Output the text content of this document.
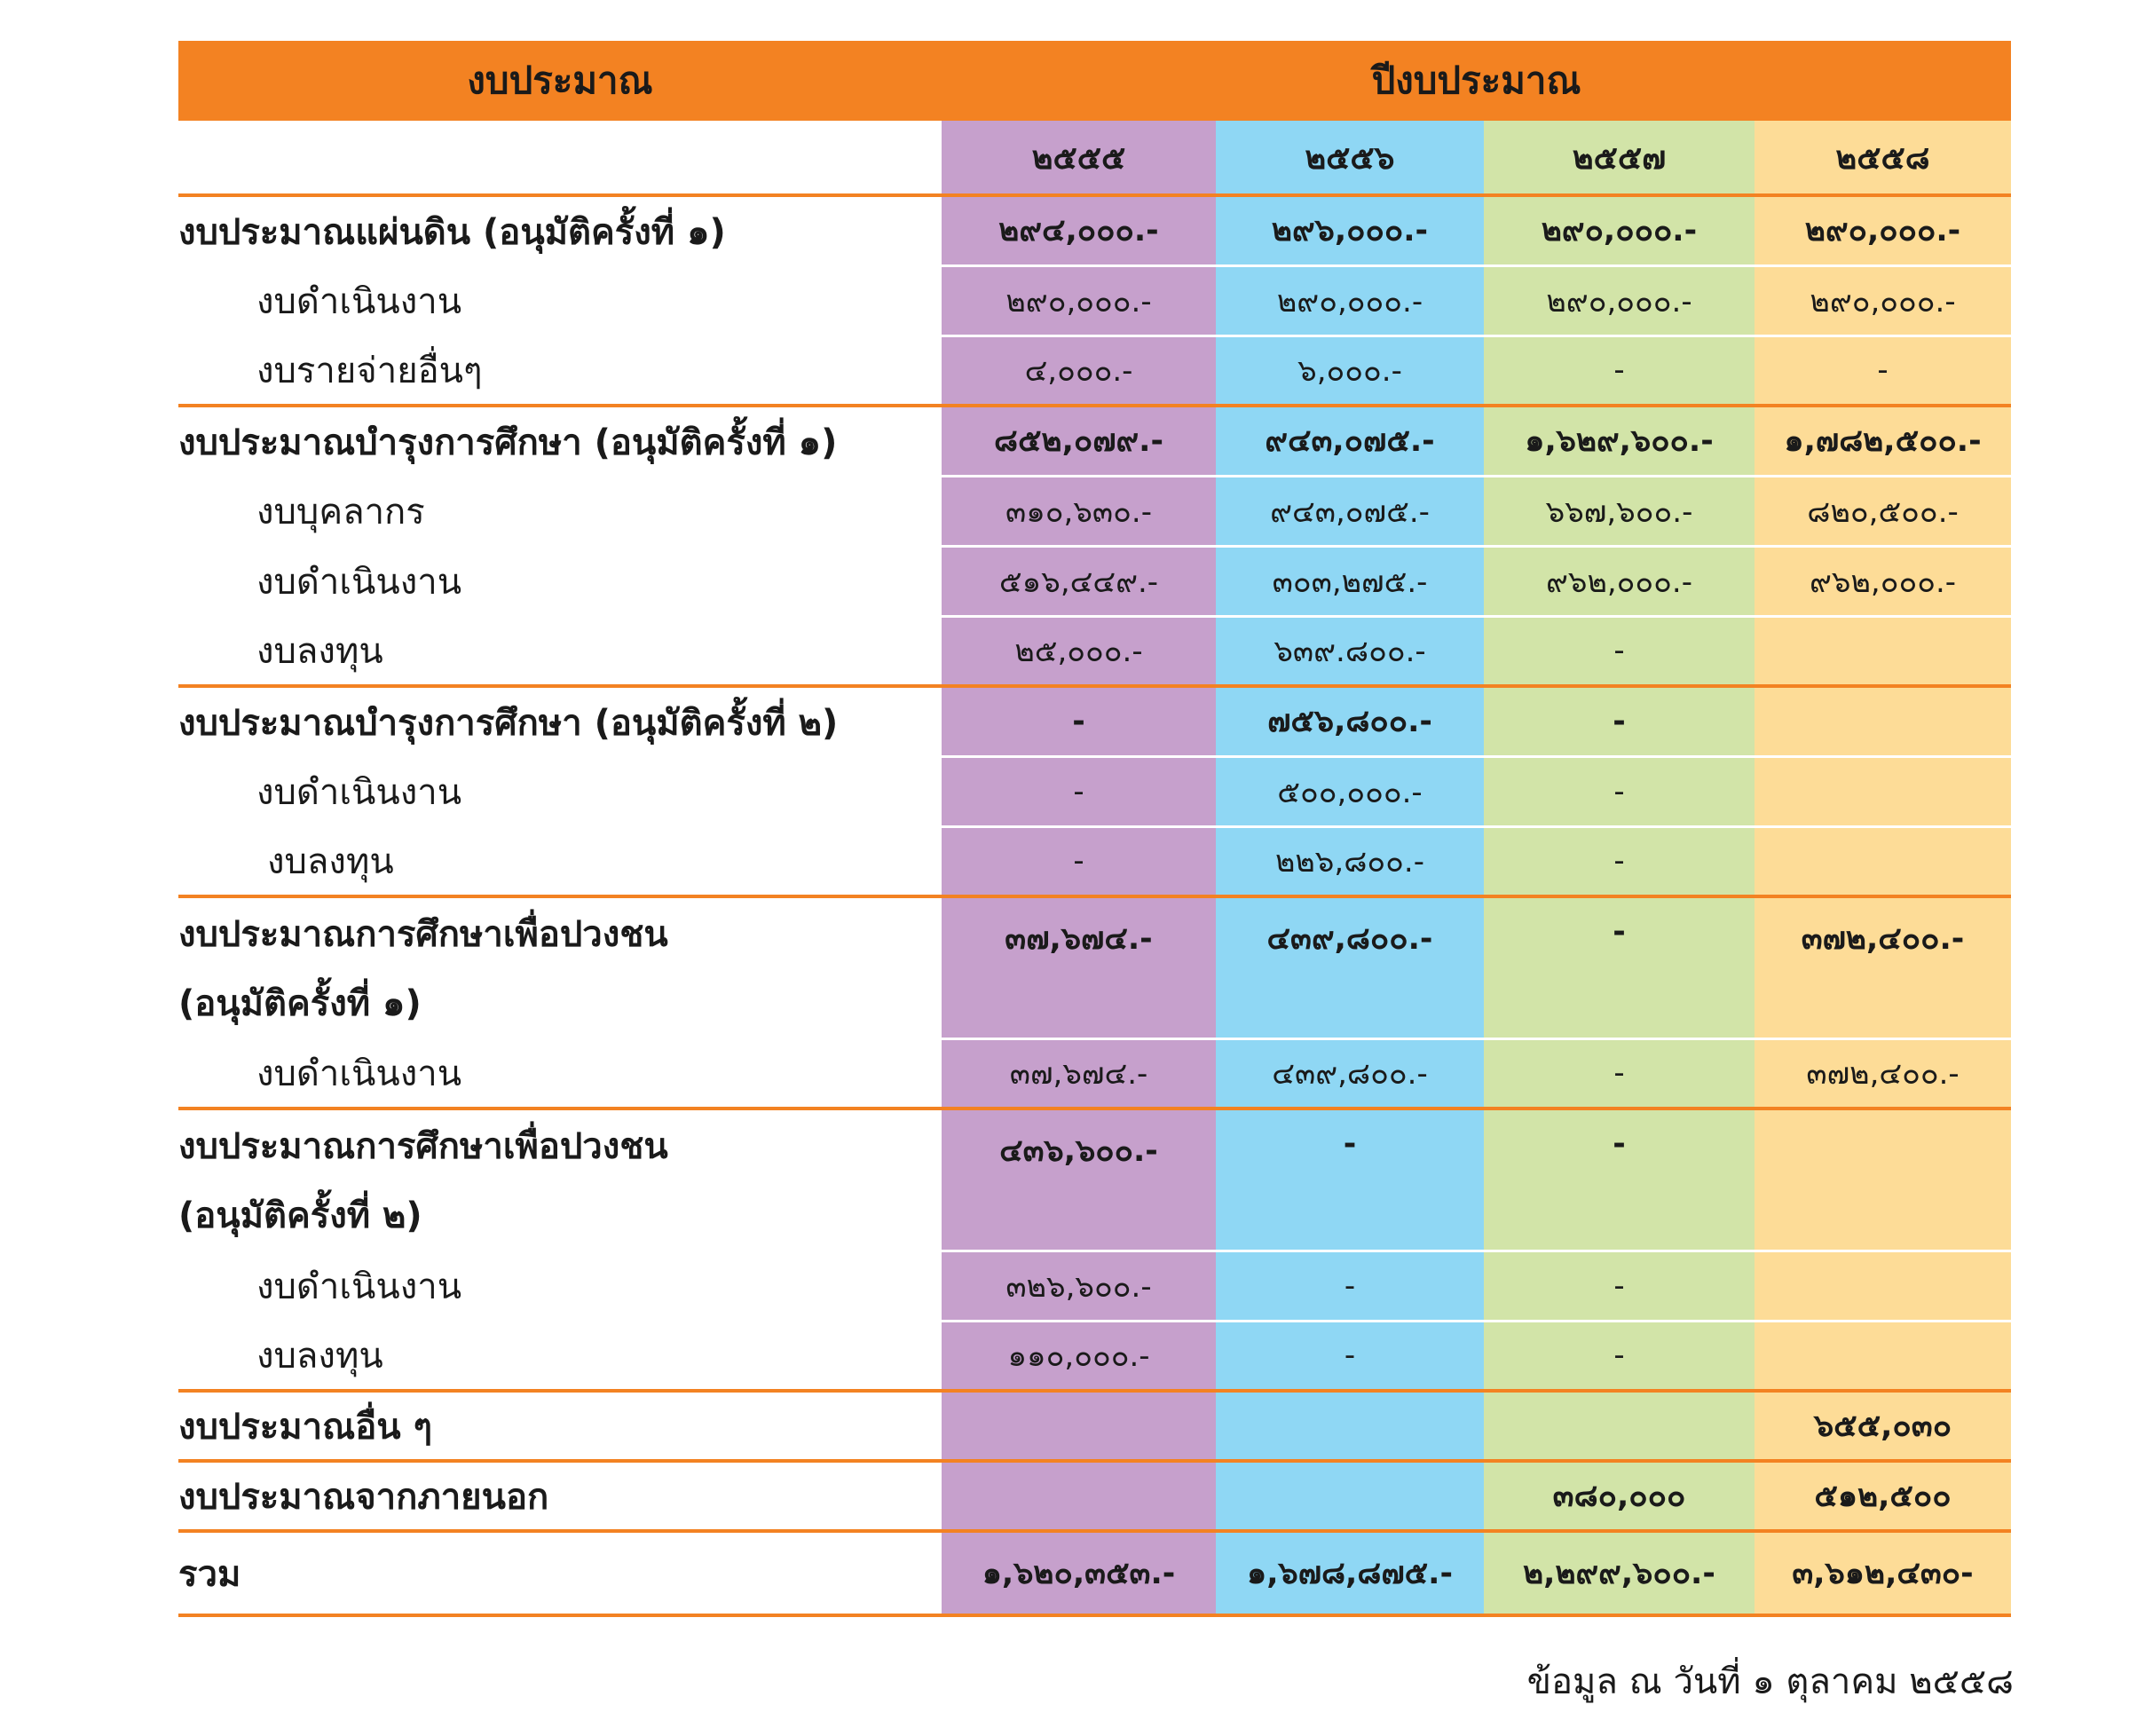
งบประมาณ	ปีงบประมาณ			
	๒๕๕๕	๒๕๕๖	๒๕๕๗	๒๕๕๘
งบประมาณแผ่นดิน (อนุมัติครั้งที่ ๑)	๒๙๔,๐๐๐.-	๒๙๖,๐๐๐.-	๒๙๐,๐๐๐.-	๒๙๐,๐๐๐.-
งบดำเนินงาน	๒๙๐,๐๐๐.-	๒๙๐,๐๐๐.-	๒๙๐,๐๐๐.-	๒๙๐,๐๐๐.-
งบรายจ่ายอื่นๆ	๔,๐๐๐.-	๖,๐๐๐.-	-	-
งบประมาณบำรุงการศึกษา (อนุมัติครั้งที่ ๑)	๘๕๒,๐๗๙.-	๙๔๓,๐๗๕.-	๑,๖๒๙,๖๐๐.-	๑,๗๘๒,๕๐๐.-
งบบุคลากร	๓๑๐,๖๓๐.-	๙๔๓,๐๗๕.-	๖๖๗,๖๐๐.-	๘๒๐,๕๐๐.-
งบดำเนินงาน	๕๑๖,๔๔๙.-	๓๐๓,๒๗๕.-	๙๖๒,๐๐๐.-	๙๖๒,๐๐๐.-
งบลงทุน	๒๕,๐๐๐.-	๖๓๙.๘๐๐.-	-	
งบประมาณบำรุงการศึกษา (อนุมัติครั้งที่ ๒)	-	๗๕๖,๘๐๐.-	-	
งบดำเนินงาน	-	๕๐๐,๐๐๐.-	-	
งบลงทุน	-	๒๒๖,๘๐๐.-	-	
งบประมาณการศึกษาเพื่อปวงชน
(อนุมัติครั้งที่ ๑)	๓๗,๖๗๔.-	๔๓๙,๘๐๐.-	-	๓๗๒,๔๐๐.-
งบดำเนินงาน	๓๗,๖๗๔.-	๔๓๙,๘๐๐.-	-	๓๗๒,๔๐๐.-
งบประมาณการศึกษาเพื่อปวงชน
(อนุมัติครั้งที่ ๒)	๔๓๖,๖๐๐.-	-	-	
งบดำเนินงาน	๓๒๖,๖๐๐.-	-	-	
งบลงทุน	๑๑๐,๐๐๐.-	-	-	
งบประมาณอื่น ๆ				๖๕๕,๐๓๐
งบประมาณจากภายนอก			๓๘๐,๐๐๐	๕๑๒,๕๐๐
รวม	๑,๖๒๐,๓๕๓.-	๑,๖๗๘,๘๗๕.-	๒,๒๙๙,๖๐๐.-	๓,๖๑๒,๔๓๐-
ข้อมูล ณ วันที่ ๑ ตุลาคม ๒๕๕๘
